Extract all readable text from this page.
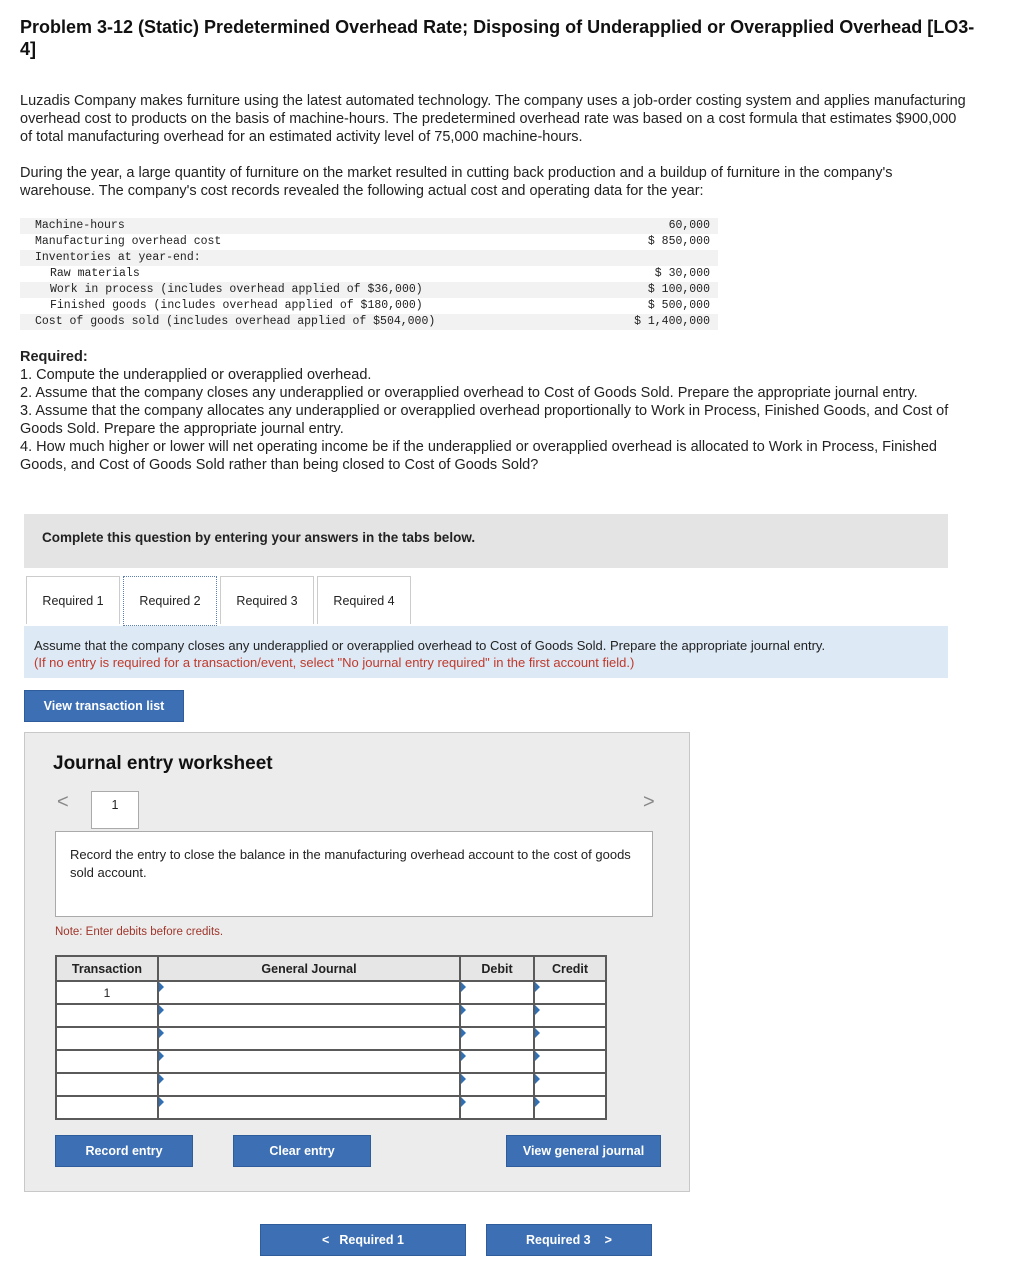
Problem 3-12 (Static) Predetermined Overhead Rate; Disposing of Underapplied or Overapplied Overhead [LO3-4]
Luzadis Company makes furniture using the latest automated technology. The company uses a job-order costing system and applies manufacturing overhead cost to products on the basis of machine-hours. The predetermined overhead rate was based on a cost formula that estimates $900,000 of total manufacturing overhead for an estimated activity level of 75,000 machine-hours.
During the year, a large quantity of furniture on the market resulted in cutting back production and a buildup of furniture in the company's warehouse. The company's cost records revealed the following actual cost and operating data for the year:
Machine-hours	60,000
Manufacturing overhead cost	$ 850,000
Inventories at year-end:	
Raw materials	$ 30,000
Work in process (includes overhead applied of $36,000)	$ 100,000
Finished goods (includes overhead applied of $180,000)	$ 500,000
Cost of goods sold (includes overhead applied of $504,000)	$ 1,400,000
Required:
1. Compute the underapplied or overapplied overhead.
2. Assume that the company closes any underapplied or overapplied overhead to Cost of Goods Sold. Prepare the appropriate journal entry.
3. Assume that the company allocates any underapplied or overapplied overhead proportionally to Work in Process, Finished Goods, and Cost of Goods Sold. Prepare the appropriate journal entry.
4. How much higher or lower will net operating income be if the underapplied or overapplied overhead is allocated to Work in Process, Finished Goods, and Cost of Goods Sold rather than being closed to Cost of Goods Sold?
Complete this question by entering your answers in the tabs below.
Required 1	Required 2	Required 3	Required 4
Assume that the company closes any underapplied or overapplied overhead to Cost of Goods Sold. Prepare the appropriate journal entry.
(If no entry is required for a transaction/event, select "No journal entry required" in the first account field.)
View transaction list
Journal entry worksheet
<	1	>
Record the entry to close the balance in the manufacturing overhead account to the cost of goods sold account.
Note: Enter debits before credits.
Transaction	General Journal	Debit	Credit
1			

Record entry	Clear entry	View general journal
< Required 1	Required 3 >
